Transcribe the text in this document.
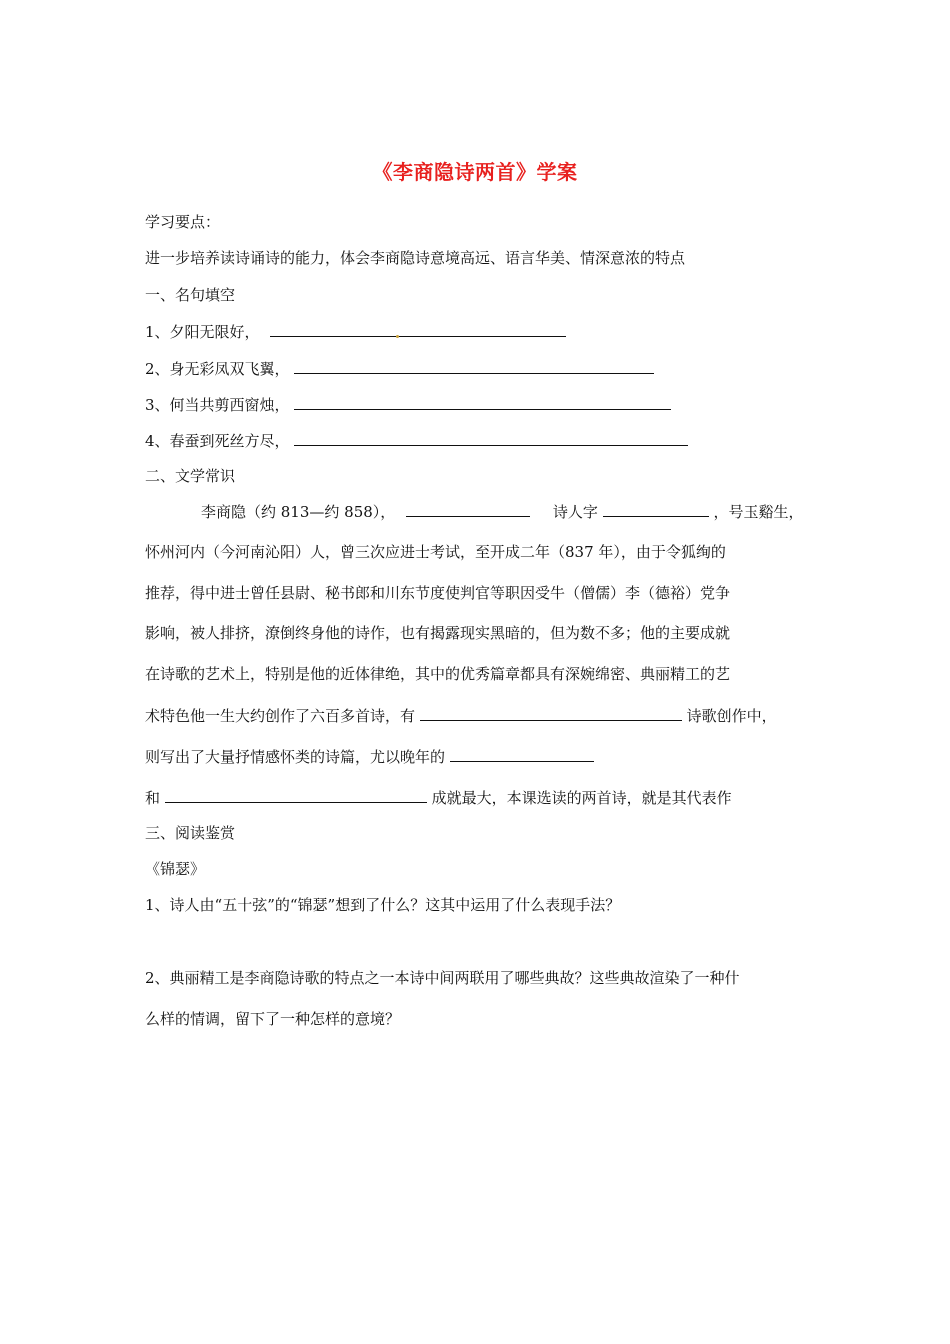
《李商隐诗两首》学案
学习要点：
进一步培养读诗诵诗的能力，体会李商隐诗意境高远、语言华美、情深意浓的特点
一、名句填空
1、夕阳无限好，
2、身无彩凤双飞翼，
3、何当共剪西窗烛，
4、春蚕到死丝方尽，
二、文学常识
李商隐（约 813—约 858），	诗人字	，号玉谿生，
怀州河内（今河南沁阳）人，曾三次应进士考试，至开成二年（837 年），由于令狐绚的
推荐，得中进士曾任县尉、秘书郎和川东节度使判官等职因受牛（僧儒）李（德裕）党争
影响，被人排挤，潦倒终身他的诗作，也有揭露现实黑暗的，但为数不多；他的主要成就
在诗歌的艺术上，特别是他的近体律绝，其中的优秀篇章都具有深婉绵密、典丽精工的艺
术特色他一生大约创作了六百多首诗，有	诗歌创作中，
则写出了大量抒情感怀类的诗篇，尤以晚年的
和	成就最大，本课选读的两首诗，就是其代表作
三、阅读鉴赏
《锦瑟》
1、诗人由“五十弦”的“锦瑟”想到了什么？这其中运用了什么表现手法？
2、典丽精工是李商隐诗歌的特点之一本诗中间两联用了哪些典故？这些典故渲染了一种什
么样的情调，留下了一种怎样的意境？
